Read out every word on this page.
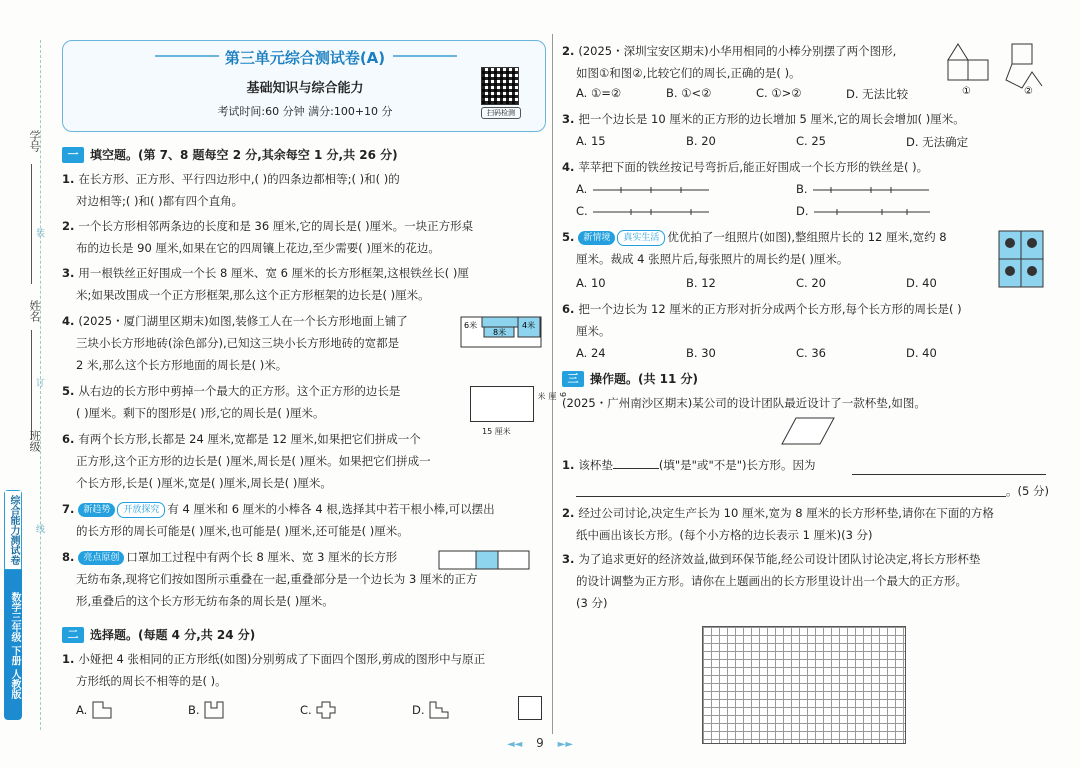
学号
姓名
班级
装
订
线
综合能力测试卷
数学三年级 下册 人教版
第三单元综合测试卷(A)
基础知识与综合能力
考试时间:60 分钟 满分:100+10 分	扫码检测
一 填空题。(第 7、8 题每空 2 分,其余每空 1 分,共 26 分)
1. 在长方形、正方形、平行四边形中,( )的四条边都相等;( )和( )的
对边相等;( )和( )都有四个直角。
2. 一个长方形相邻两条边的长度和是 36 厘米,它的周长是( )厘米。一块正方形桌
布的边长是 90 厘米,如果在它的四周镶上花边,至少需要( )厘米的花边。
3. 用一根铁丝正好围成一个长 8 厘米、宽 6 厘米的长方形框架,这根铁丝长( )厘
米;如果改围成一个正方形框架,那么这个正方形框架的边长是( )厘米。
4. (2025・厦门湖里区期末)如图,装修工人在一个长方形地面上铺了
三块小长方形地砖(涂色部分),已知这三块小长方形地砖的宽都是
2 米,那么这个长方形地面的周长是( )米。
6米	4米
8米
5. 从右边的长方形中剪掉一个最大的正方形。这个正方形的边长是
( )厘米。剩下的图形是( )形,它的周长是( )厘米。
15 厘米
9 厘米
6. 有两个长方形,长都是 24 厘米,宽都是 12 厘米,如果把它们拼成一个
正方形,这个正方形的边长是( )厘米,周长是( )厘米。如果把它们拼成一
个长方形,长是( )厘米,宽是( )厘米,周长是( )厘米。
7. 新趋势 开放探究 有 4 厘米和 6 厘米的小棒各 4 根,选择其中若干根小棒,可以摆出
的长方形的周长可能是( )厘米,也可能是( )厘米,还可能是( )厘米。
8. 亮点原创 口罩加工过程中有两个长 8 厘米、宽 3 厘米的长方形
无纺布条,现将它们按如图所示重叠在一起,重叠部分是一个边长为 3 厘米的正方
形,重叠后的这个长方形无纺布条的周长是( )厘米。
二 选择题。(每题 4 分,共 24 分)
1. 小娅把 4 张相同的正方形纸(如图)分别剪成了下面四个图形,剪成的图形中与原正
方形纸的周长不相等的是( )。
A.	B.	C.	D.
2. (2025・深圳宝安区期末)小华用相同的小棒分别摆了两个图形,
如图①和图②,比较它们的周长,正确的是( )。
①	②
A. ①=②	B. ①<②	C. ①>②	D. 无法比较
3. 把一个边长是 10 厘米的正方形的边长增加 5 厘米,它的周长会增加( )厘米。
A. 15	B. 20	C. 25	D. 无法确定
4. 苹苹把下面的铁丝按记号弯折后,能正好围成一个长方形的铁丝是( )。
A.	B.
C.	D.
5. 新情境 真实生活 优优拍了一组照片(如图),整组照片长的 12 厘米,宽约 8
厘米。裁成 4 张照片后,每张照片的周长约是( )厘米。
A. 10	B. 12	C. 20	D. 40
6. 把一个边长为 12 厘米的正方形对折分成两个长方形,每个长方形的周长是( )
厘米。
A. 24	B. 30	C. 36	D. 40
三 操作题。(共 11 分)
(2025・广州南沙区期末)某公司的设计团队最近设计了一款杯垫,如图。
1. 该杯垫	(填"是"或"不是")长方形。因为
。(5 分)
2. 经过公司讨论,决定生产长为 10 厘米,宽为 8 厘米的长方形杯垫,请你在下面的方格
纸中画出该长方形。(每个小方格的边长表示 1 厘米)(3 分)
3. 为了追求更好的经济效益,做到环保节能,经公司设计团队讨论决定,将长方形杯垫
的设计调整为正方形。请你在上题画出的长方形里设计出一个最大的正方形。
(3 分)
◄◄ 9 ►►
